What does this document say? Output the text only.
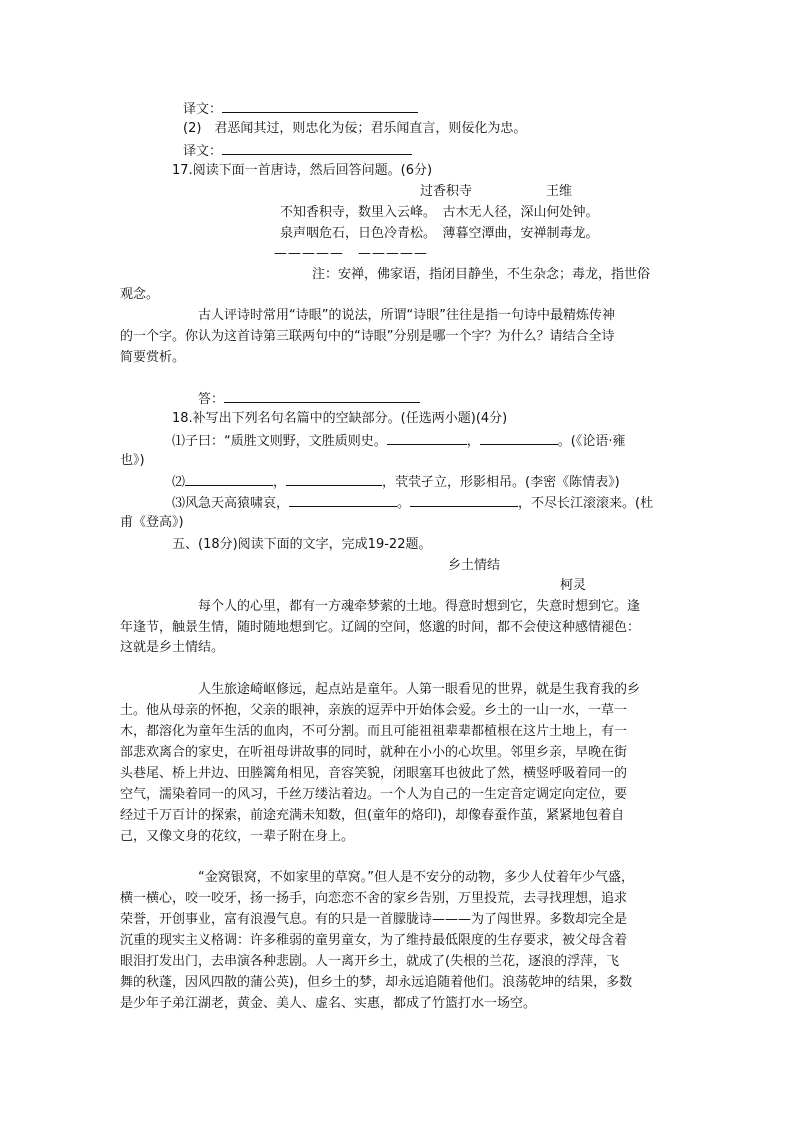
译文：
(2)　君恶闻其过，则忠化为佞；君乐闻直言，则佞化为忠。
译文：
17.阅读下面一首唐诗，然后回答问题。(6分)
过香积寺	王维
不知香积寺，数里入云峰。　古木无人径，深山何处钟。
泉声咽危石，日色冷青松。　薄暮空潭曲，安禅制毒龙。
————— —————
注：安禅，佛家语，指闭目静坐，不生杂念；毒龙，指世俗
观念。
古人评诗时常用“诗眼”的说法，所谓“诗眼”往往是指一句诗中最精炼传神
的一个字。你认为这首诗第三联两句中的“诗眼”分别是哪一个字？为什么？请结合全诗
简要赏析。
答：
18.补写出下列名句名篇中的空缺部分。(任选两小题)(4分)
⑴子曰：“质胜文则野，文胜质则史。	，	。(《论语·雍
也》)
⑵	，	，茕茕孑立，形影相吊。(李密《陈情表》)
⑶风急天高猿啸哀，	。	，不尽长江滚滚来。(杜
甫《登高》)
五、(18分)阅读下面的文字，完成19-22题。
乡土情结
柯灵
每个人的心里，都有一方魂牵梦萦的土地。得意时想到它，失意时想到它。逢
年逢节，触景生情，随时随地想到它。辽阔的空间，悠邈的时间，都不会使这种感情褪色：
这就是乡土情结。
人生旅途崎岖修远，起点站是童年。人第一眼看见的世界，就是生我育我的乡
土。他从母亲的怀抱，父亲的眼神，亲族的逗弄中开始体会爱。乡土的一山一水，一草一
木，都溶化为童年生活的血肉，不可分割。而且可能祖祖辈辈都植根在这片土地上，有一
部悲欢离合的家史，在听祖母讲故事的同时，就种在小小的心坎里。邻里乡亲，早晚在街
头巷尾、桥上井边、田塍篱角相见，音容笑貌，闭眼塞耳也彼此了然，横竖呼吸着同一的
空气，濡染着同一的风习，千丝万缕沾着边。一个人为自己的一生定音定调定向定位，要
经过千万百计的探索，前途充满未知数，但(童年的烙印)，却像春蚕作茧，紧紧地包着自
己，又像文身的花纹，一辈子附在身上。
“金窝银窝，不如家里的草窝。”但人是不安分的动物，多少人仗着年少气盛，
横一横心，咬一咬牙，扬一扬手，向恋恋不舍的家乡告别，万里投荒，去寻找理想，追求
荣誉，开创事业，富有浪漫气息。有的只是一首朦胧诗———为了闯世界。多数却完全是
沉重的现实主义格调：许多稚弱的童男童女，为了维持最低限度的生存要求，被父母含着
眼泪打发出门，去串演各种悲剧。人一离开乡土，就成了(失根的兰花，逐浪的浮萍，飞
舞的秋蓬，因风四散的蒲公英)，但乡土的梦，却永远追随着他们。浪荡乾坤的结果，多数
是少年子弟江湖老，黄金、美人、虚名、实惠，都成了竹篮打水一场空。
